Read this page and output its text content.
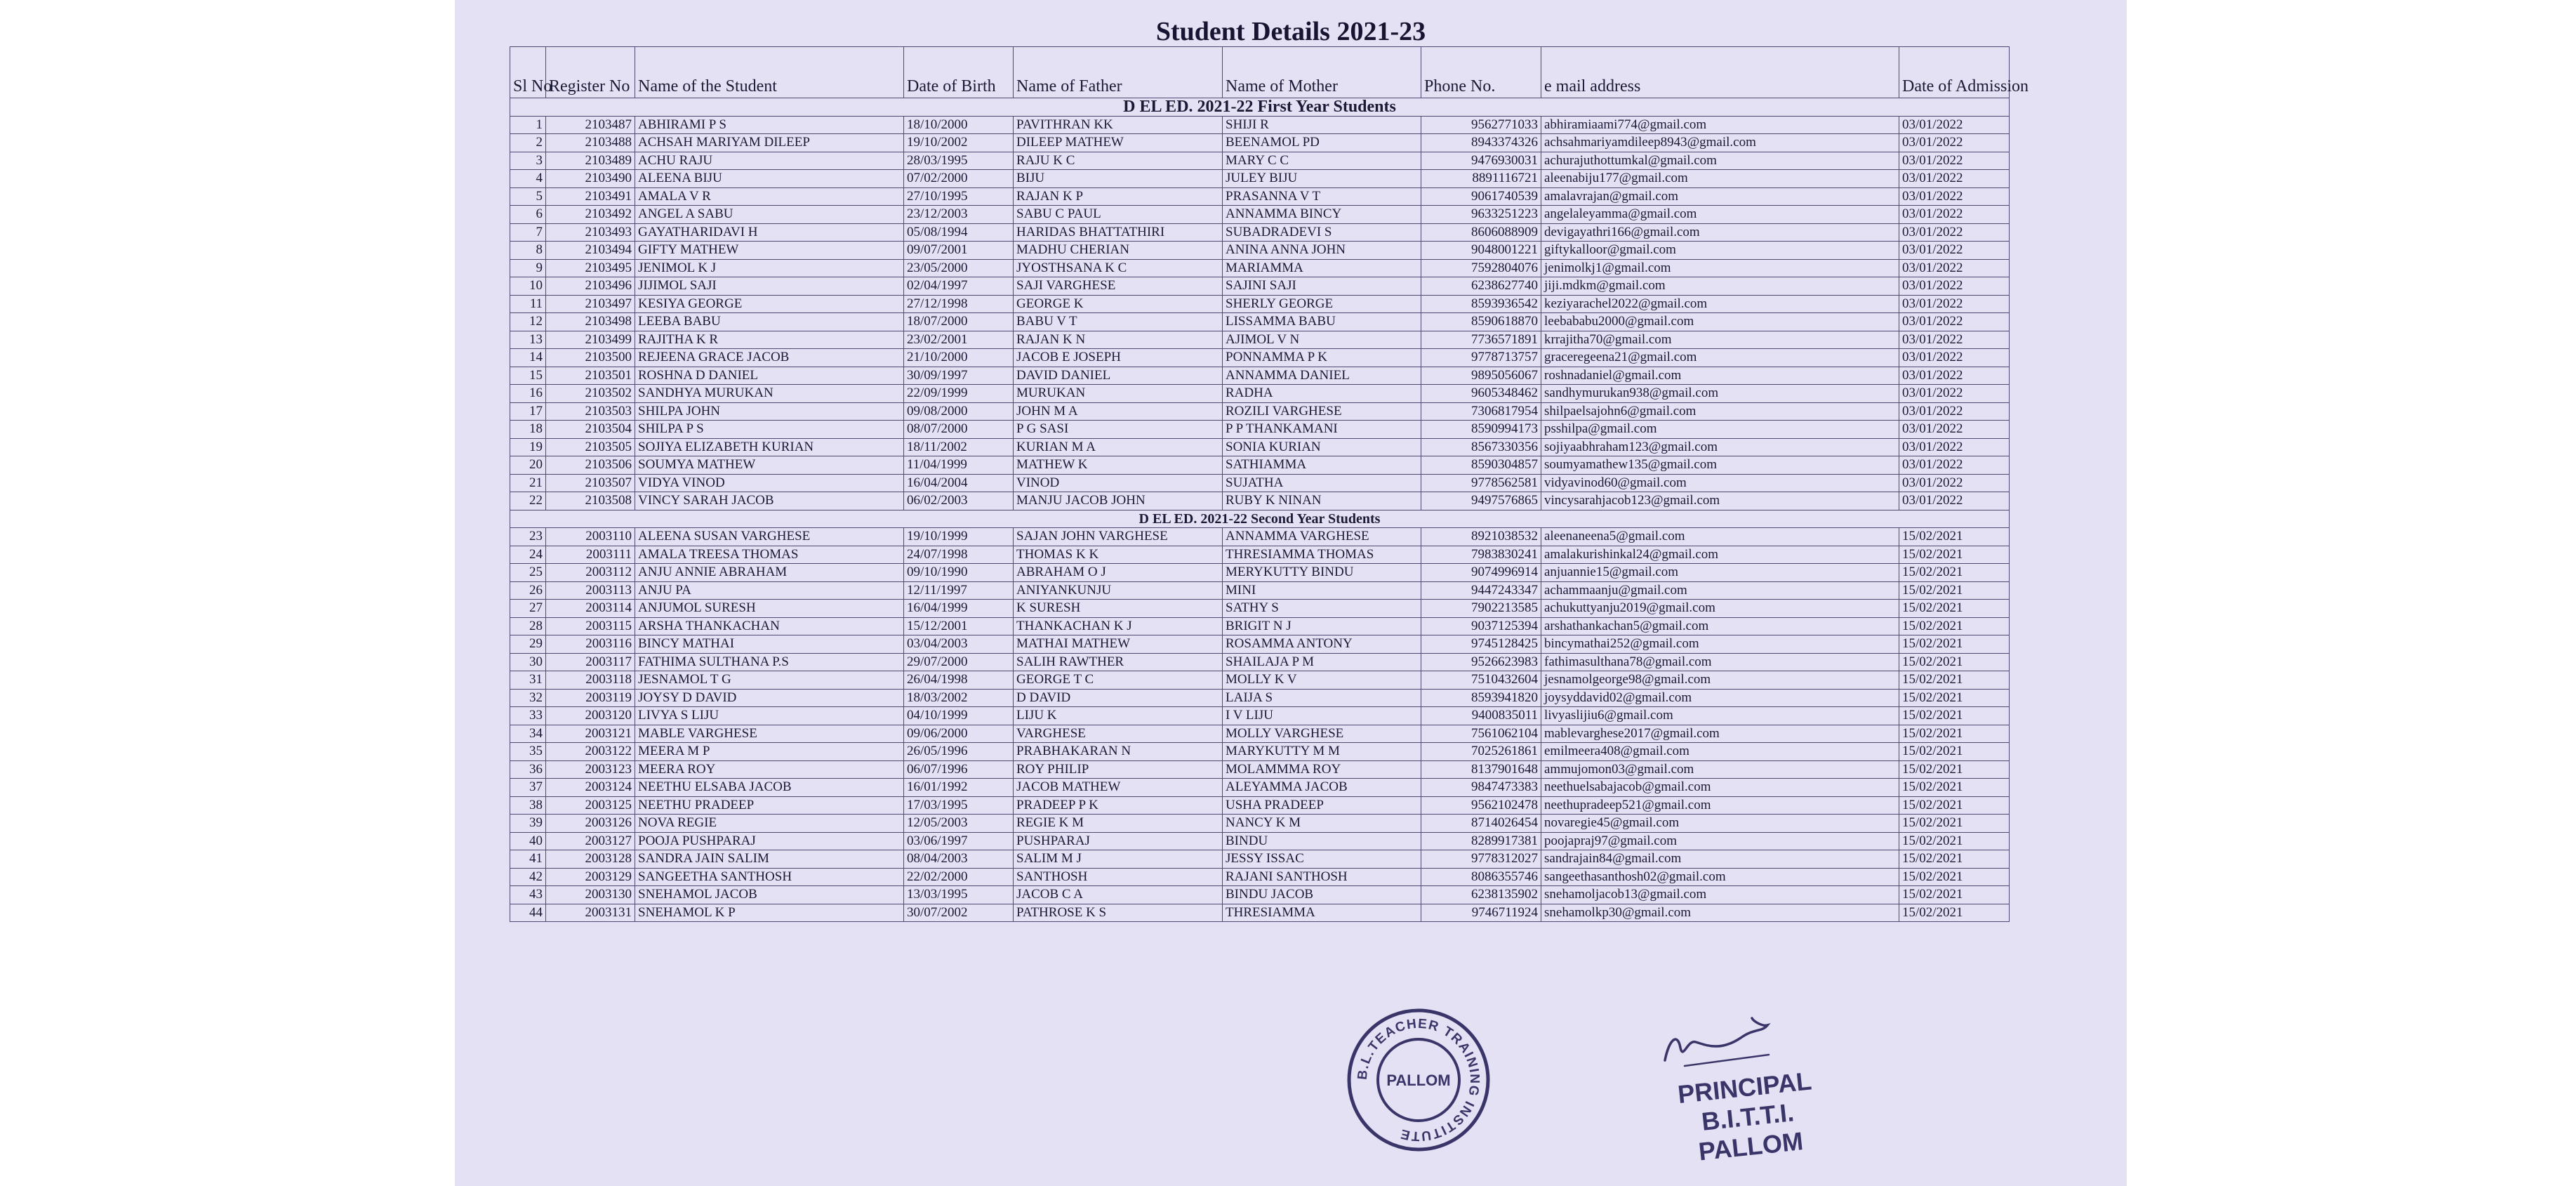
Student Details 2021-23
Sl No	Register No	Name of the Student	Date of Birth	Name of Father	Name of Mother	Phone No.	e mail address	Date of Admission
D EL ED. 2021-22 First Year Students								
1	2103487	ABHIRAMI P S	18/10/2000	PAVITHRAN KK	SHIJI R	9562771033	abhiramiaami774@gmail.com	03/01/2022
2	2103488	ACHSAH MARIYAM DILEEP	19/10/2002	DILEEP MATHEW	BEENAMOL PD	8943374326	achsahmariyamdileep8943@gmail.com	03/01/2022
3	2103489	ACHU RAJU	28/03/1995	RAJU K C	MARY C C	9476930031	achurajuthottumkal@gmail.com	03/01/2022
4	2103490	ALEENA BIJU	07/02/2000	BIJU	JULEY BIJU	8891116721	aleenabiju177@gmail.com	03/01/2022
5	2103491	AMALA V R	27/10/1995	RAJAN K P	PRASANNA V T	9061740539	amalavrajan@gmail.com	03/01/2022
6	2103492	ANGEL A SABU	23/12/2003	SABU C PAUL	ANNAMMA BINCY	9633251223	angelaleyamma@gmail.com	03/01/2022
7	2103493	GAYATHARIDAVI H	05/08/1994	HARIDAS BHATTATHIRI	SUBADRADEVI S	8606088909	devigayathri166@gmail.com	03/01/2022
8	2103494	GIFTY MATHEW	09/07/2001	MADHU CHERIAN	ANINA ANNA JOHN	9048001221	giftykalloor@gmail.com	03/01/2022
9	2103495	JENIMOL K J	23/05/2000	JYOSTHSANA K C	MARIAMMA	7592804076	jenimolkj1@gmail.com	03/01/2022
10	2103496	JIJIMOL SAJI	02/04/1997	SAJI VARGHESE	SAJINI SAJI	6238627740	jiji.mdkm@gmail.com	03/01/2022
11	2103497	KESIYA GEORGE	27/12/1998	GEORGE K	SHERLY GEORGE	8593936542	keziyarachel2022@gmail.com	03/01/2022
12	2103498	LEEBA BABU	18/07/2000	BABU V T	LISSAMMA BABU	8590618870	leebababu2000@gmail.com	03/01/2022
13	2103499	RAJITHA K R	23/02/2001	RAJAN K N	AJIMOL V N	7736571891	krrajitha70@gmail.com	03/01/2022
14	2103500	REJEENA GRACE JACOB	21/10/2000	JACOB E JOSEPH	PONNAMMA P K	9778713757	graceregeena21@gmail.com	03/01/2022
15	2103501	ROSHNA D DANIEL	30/09/1997	DAVID DANIEL	ANNAMMA DANIEL	9895056067	roshnadaniel@gmail.com	03/01/2022
16	2103502	SANDHYA MURUKAN	22/09/1999	MURUKAN	RADHA	9605348462	sandhymurukan938@gmail.com	03/01/2022
17	2103503	SHILPA JOHN	09/08/2000	JOHN M A	ROZILI VARGHESE	7306817954	shilpaelsajohn6@gmail.com	03/01/2022
18	2103504	SHILPA P S	08/07/2000	P G SASI	P P THANKAMANI	8590994173	psshilpa@gmail.com	03/01/2022
19	2103505	SOJIYA ELIZABETH KURIAN	18/11/2002	KURIAN M A	SONIA KURIAN	8567330356	sojiyaabhraham123@gmail.com	03/01/2022
20	2103506	SOUMYA MATHEW	11/04/1999	MATHEW K	SATHIAMMA	8590304857	soumyamathew135@gmail.com	03/01/2022
21	2103507	VIDYA VINOD	16/04/2004	VINOD	SUJATHA	9778562581	vidyavinod60@gmail.com	03/01/2022
22	2103508	VINCY SARAH JACOB	06/02/2003	MANJU JACOB JOHN	RUBY K NINAN	9497576865	vincysarahjacob123@gmail.com	03/01/2022
D EL ED. 2021-22 Second Year Students								
23	2003110	ALEENA SUSAN VARGHESE	19/10/1999	SAJAN JOHN VARGHESE	ANNAMMA VARGHESE	8921038532	aleenaneena5@gmail.com	15/02/2021
24	2003111	AMALA TREESA THOMAS	24/07/1998	THOMAS K K	THRESIAMMA THOMAS	7983830241	amalakurishinkal24@gmail.com	15/02/2021
25	2003112	ANJU ANNIE ABRAHAM	09/10/1990	ABRAHAM O J	MERYKUTTY BINDU	9074996914	anjuannie15@gmail.com	15/02/2021
26	2003113	ANJU PA	12/11/1997	ANIYANKUNJU	MINI	9447243347	achammaanju@gmail.com	15/02/2021
27	2003114	ANJUMOL SURESH	16/04/1999	K SURESH	SATHY S	7902213585	achukuttyanju2019@gmail.com	15/02/2021
28	2003115	ARSHA THANKACHAN	15/12/2001	THANKACHAN K J	BRIGIT N J	9037125394	arshathankachan5@gmail.com	15/02/2021
29	2003116	BINCY MATHAI	03/04/2003	MATHAI MATHEW	ROSAMMA ANTONY	9745128425	bincymathai252@gmail.com	15/02/2021
30	2003117	FATHIMA SULTHANA P.S	29/07/2000	SALIH RAWTHER	SHAILAJA P M	9526623983	fathimasulthana78@gmail.com	15/02/2021
31	2003118	JESNAMOL T G	26/04/1998	GEORGE T C	MOLLY K V	7510432604	jesnamolgeorge98@gmail.com	15/02/2021
32	2003119	JOYSY D DAVID	18/03/2002	D DAVID	LAIJA S	8593941820	joysyddavid02@gmail.com	15/02/2021
33	2003120	LIVYA S LIJU	04/10/1999	LIJU K	I V LIJU	9400835011	livyaslijiu6@gmail.com	15/02/2021
34	2003121	MABLE VARGHESE	09/06/2000	VARGHESE	MOLLY VARGHESE	7561062104	mablevarghese2017@gmail.com	15/02/2021
35	2003122	MEERA M P	26/05/1996	PRABHAKARAN N	MARYKUTTY M M	7025261861	emilmeera408@gmail.com	15/02/2021
36	2003123	MEERA ROY	06/07/1996	ROY PHILIP	MOLAMMMA ROY	8137901648	ammujomon03@gmail.com	15/02/2021
37	2003124	NEETHU ELSABA JACOB	16/01/1992	JACOB MATHEW	ALEYAMMA JACOB	9847473383	neethuelsabajacob@gmail.com	15/02/2021
38	2003125	NEETHU PRADEEP	17/03/1995	PRADEEP P K	USHA PRADEEP	9562102478	neethupradeep521@gmail.com	15/02/2021
39	2003126	NOVA REGIE	12/05/2003	REGIE K M	NANCY K M	8714026454	novaregie45@gmail.com	15/02/2021
40	2003127	POOJA PUSHPARAJ	03/06/1997	PUSHPARAJ	BINDU	8289917381	poojapraj97@gmail.com	15/02/2021
41	2003128	SANDRA JAIN SALIM	08/04/2003	SALIM M J	JESSY ISSAC	9778312027	sandrajain84@gmail.com	15/02/2021
42	2003129	SANGEETHA SANTHOSH	22/02/2000	SANTHOSH	RAJANI SANTHOSH	8086355746	sangeethasanthosh02@gmail.com	15/02/2021
43	2003130	SNEHAMOL JACOB	13/03/1995	JACOB C A	BINDU JACOB	6238135902	snehamoljacob13@gmail.com	15/02/2021
44	2003131	SNEHAMOL K P	30/07/2002	PATHROSE K S	THRESIAMMA	9746711924	snehamolkp30@gmail.com	15/02/2021
B.L.TEACHER TRAINING INSTITUTE
PALLOM	PRINCIPAL
B.I.T.T.I.
PALLOM
